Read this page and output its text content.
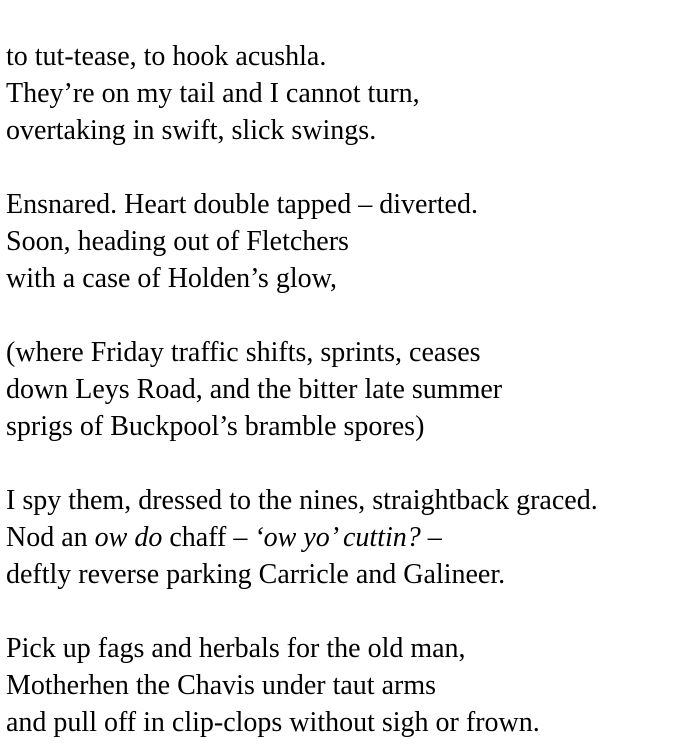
to tut-tease, to hook acushla.
They’re on my tail and I cannot turn,
overtaking in swift, slick swings.
Ensnared. Heart double tapped – diverted.
Soon, heading out of Fletchers
with a case of Holden’s glow,
(where Friday traffic shifts, sprints, ceases
down Leys Road, and the bitter late summer
sprigs of Buckpool’s bramble spores)
I spy them, dressed to the nines, straightback graced.
Nod an ow do chaff – ‘ow yo’ cuttin? –
deftly reverse parking Carricle and Galineer.
Pick up fags and herbals for the old man,
Motherhen the Chavis under taut arms
and pull off in clip-clops without sigh or frown.
